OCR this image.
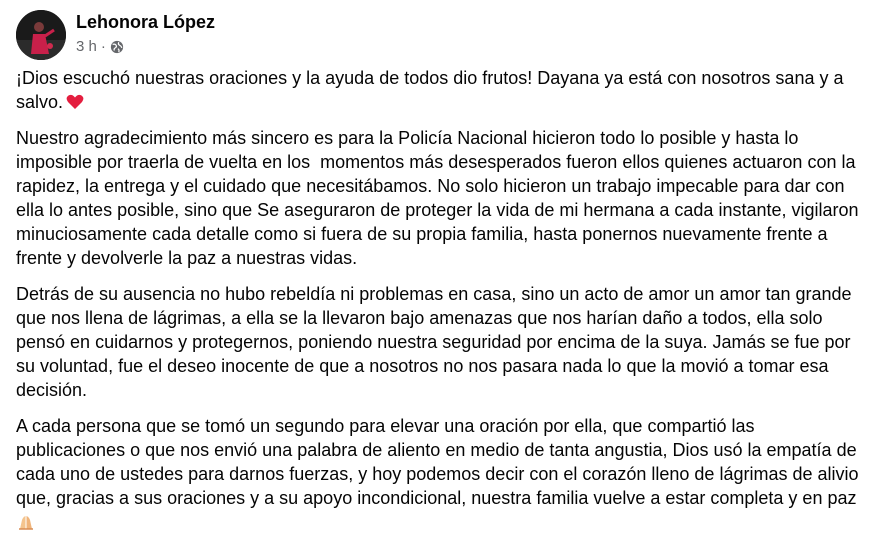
Lehonora López
3 h ·

¡Dios escuchó nuestras oraciones y la ayuda de todos dio frutos! Dayana ya está con nosotros sana y a salvo.

Nuestro agradecimiento más sincero es para la Policía Nacional hicieron todo lo posible y hasta lo imposible por traerla de vuelta en los  momentos más desesperados fueron ellos quienes actuaron con la rapidez, la entrega y el cuidado que necesitábamos. No solo hicieron un trabajo impecable para dar con ella lo antes posible, sino que Se aseguraron de proteger la vida de mi hermana a cada instante, vigilaron minuciosamente cada detalle como si fuera de su propia familia, hasta ponernos nuevamente frente a frente y devolverle la paz a nuestras vidas.

Detrás de su ausencia no hubo rebeldía ni problemas en casa, sino un acto de amor un amor tan grande que nos llena de lágrimas, a ella se la llevaron bajo amenazas que nos harían daño a todos, ella solo pensó en cuidarnos y protegernos, poniendo nuestra seguridad por encima de la suya. Jamás se fue por su voluntad, fue el deseo inocente de que a nosotros no nos pasara nada lo que la movió a tomar esa decisión.

A cada persona que se tomó un segundo para elevar una oración por ella, que compartió las publicaciones o que nos envió una palabra de aliento en medio de tanta angustia, Dios usó la empatía de cada uno de ustedes para darnos fuerzas, y hoy podemos decir con el corazón lleno de lágrimas de alivio que, gracias a sus oraciones y a su apoyo incondicional, nuestra familia vuelve a estar completa y en paz
